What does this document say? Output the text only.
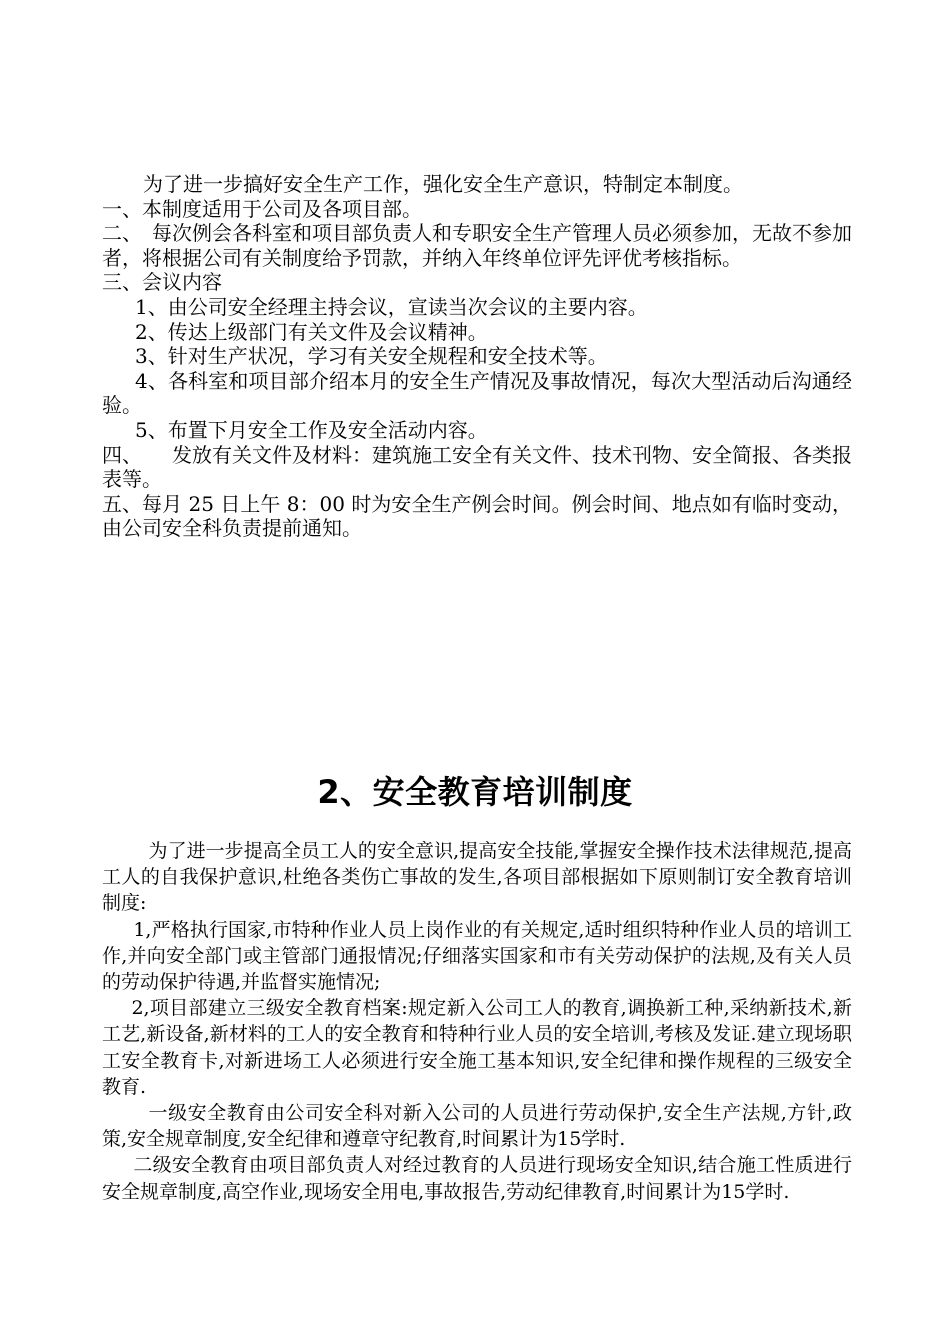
为了进一步搞好安全生产工作，强化安全生产意识，特制定本制度。

一、本制度适用于公司及各项目部。

二、　每次例会各科室和项目部负责人和专职安全生产管理人员必须参加，无故不参加者，将根据公司有关制度给予罚款，并纳入年终单位评先评优考核指标。

三、会议内容

1、由公司安全经理主持会议，宣读当次会议的主要内容。

2、传达上级部门有关文件及会议精神。

3、针对生产状况，学习有关安全规程和安全技术等。

4、各科室和项目部介绍本月的安全生产情况及事故情况，每次大型活动后沟通经验。

5、布置下月安全工作及安全活动内容。

四、　　发放有关文件及材料：建筑施工安全有关文件、技术刊物、安全简报、各类报表等。

五、每月 25 日上午 8：00 时为安全生产例会时间。例会时间、地点如有临时变动，由公司安全科负责提前通知。

2、安全教育培训制度

为了进一步提高全员工人的安全意识,提高安全技能,掌握安全操作技术法律规范,提高工人的自我保护意识,杜绝各类伤亡事故的发生,各项目部根据如下原则制订安全教育培训制度:

1,严格执行国家,市特种作业人员上岗作业的有关规定,适时组织特种作业人员的培训工作,并向安全部门或主管部门通报情况;仔细落实国家和市有关劳动保护的法规,及有关人员的劳动保护待遇,并监督实施情况;

2,项目部建立三级安全教育档案:规定新入公司工人的教育,调换新工种,采纳新技术,新工艺,新设备,新材料的工人的安全教育和特种行业人员的安全培训,考核及发证.建立现场职工安全教育卡,对新进场工人必须进行安全施工基本知识,安全纪律和操作规程的三级安全教育.

一级安全教育由公司安全科对新入公司的人员进行劳动保护,安全生产法规,方针,政策,安全规章制度,安全纪律和遵章守纪教育,时间累计为15学时.

二级安全教育由项目部负责人对经过教育的人员进行现场安全知识,结合施工性质进行安全规章制度,高空作业,现场安全用电,事故报告,劳动纪律教育,时间累计为15学时.
